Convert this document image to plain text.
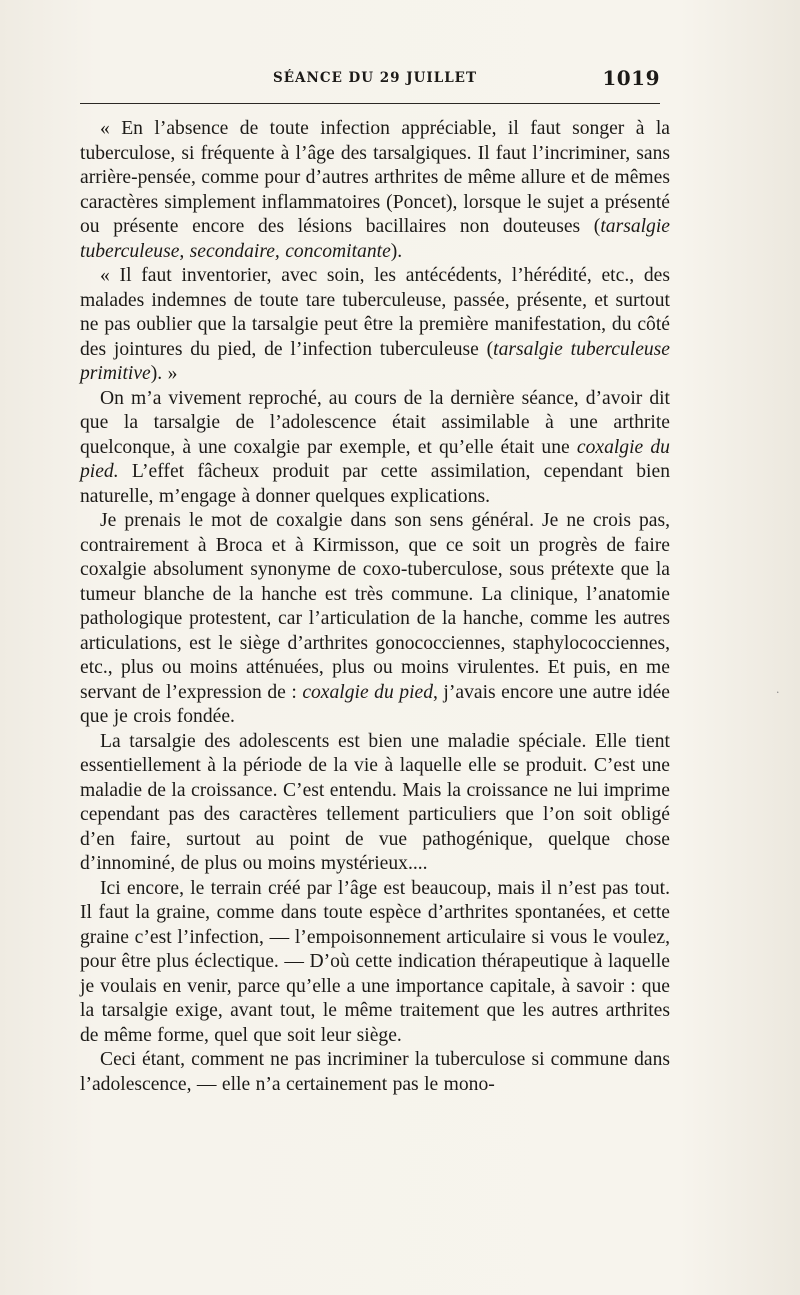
SÉANCE DU 29 JUILLET	1019

« En l’absence de toute infection appréciable, il faut songer à la tuberculose, si fréquente à l’âge des tarsalgiques. Il faut l’incriminer, sans arrière-pensée, comme pour d’autres arthrites de même allure et de mêmes caractères simplement inflammatoires (Poncet), lorsque le sujet a présenté ou présente encore des lésions bacillaires non douteuses (tarsalgie tuberculeuse, secondaire, concomitante).

« Il faut inventorier, avec soin, les antécédents, l’hérédité, etc., des malades indemnes de toute tare tuberculeuse, passée, présente, et surtout ne pas oublier que la tarsalgie peut être la première manifestation, du côté des jointures du pied, de l’infection tuberculeuse (tarsalgie tuberculeuse primitive). »

On m’a vivement reproché, au cours de la dernière séance, d’avoir dit que la tarsalgie de l’adolescence était assimilable à une arthrite quelconque, à une coxalgie par exemple, et qu’elle était une coxalgie du pied. L’effet fâcheux produit par cette assimilation, cependant bien naturelle, m’engage à donner quelques explications.

Je prenais le mot de coxalgie dans son sens général. Je ne crois pas, contrairement à Broca et à Kirmisson, que ce soit un progrès de faire coxalgie absolument synonyme de coxo-tuberculose, sous prétexte que la tumeur blanche de la hanche est très commune. La clinique, l’anatomie pathologique protestent, car l’articulation de la hanche, comme les autres articulations, est le siège d’arthrites gonococciennes, staphylococciennes, etc., plus ou moins atténuées, plus ou moins virulentes. Et puis, en me servant de l’expression de : coxalgie du pied, j’avais encore une autre idée que je crois fondée.

La tarsalgie des adolescents est bien une maladie spéciale. Elle tient essentiellement à la période de la vie à laquelle elle se produit. C’est une maladie de la croissance. C’est entendu. Mais la croissance ne lui imprime cependant pas des caractères tellement particuliers que l’on soit obligé d’en faire, surtout au point de vue pathogénique, quelque chose d’innominé, de plus ou moins mystérieux....

Ici encore, le terrain créé par l’âge est beaucoup, mais il n’est pas tout. Il faut la graine, comme dans toute espèce d’arthrites spontanées, et cette graine c’est l’infection, — l’empoisonnement articulaire si vous le voulez, pour être plus éclectique. — D’où cette indication thérapeutique à laquelle je voulais en venir, parce qu’elle a une importance capitale, à savoir : que la tarsalgie exige, avant tout, le même traitement que les autres arthrites de même forme, quel que soit leur siège.

Ceci étant, comment ne pas incriminer la tuberculose si commune dans l’adolescence, — elle n’a certainement pas le mono-

·
